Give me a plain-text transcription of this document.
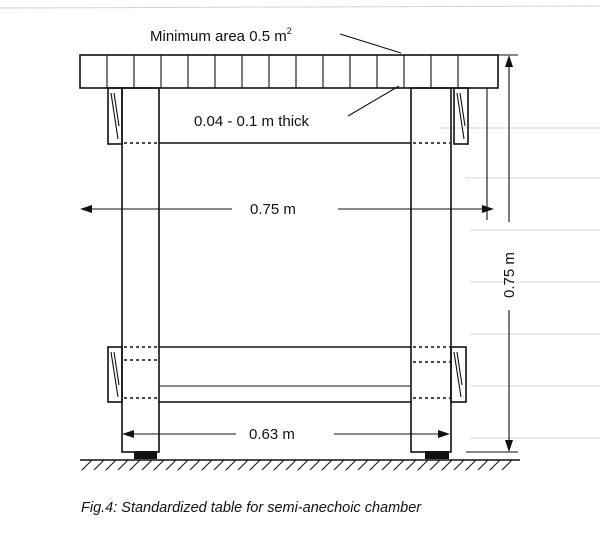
Minimum area 0.5 $m^2$
0.04 - 0.1 m thick
0.75 m
0.63 m
0.75 m
Fig.4: Standardized table for semi-anechoic chamber
